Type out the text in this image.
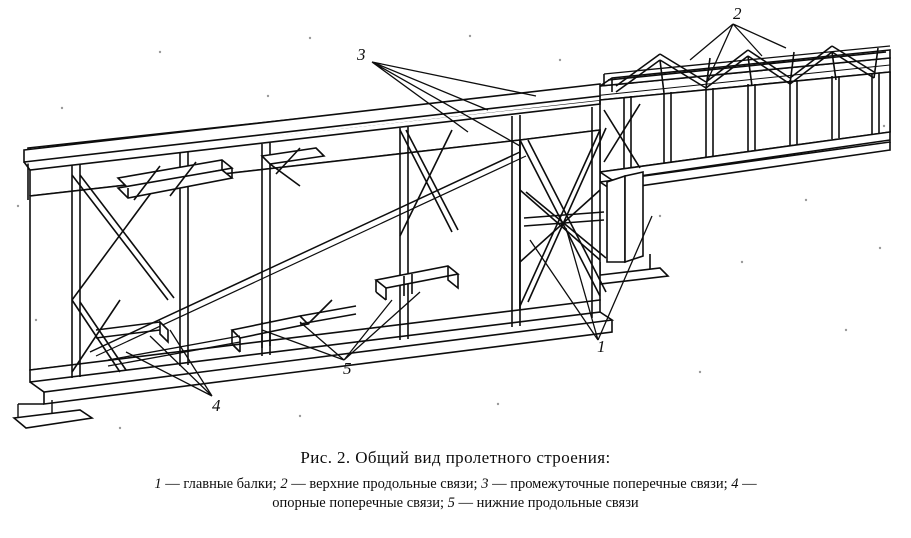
1
2
3
4
5
Рис. 2. Общий вид пролетного строения:
1 — главные балки; 2 — верхние продольные связи; 3 — промежуточные поперечные связи; 4 —
опорные поперечные связи; 5 — нижние продольные связи
